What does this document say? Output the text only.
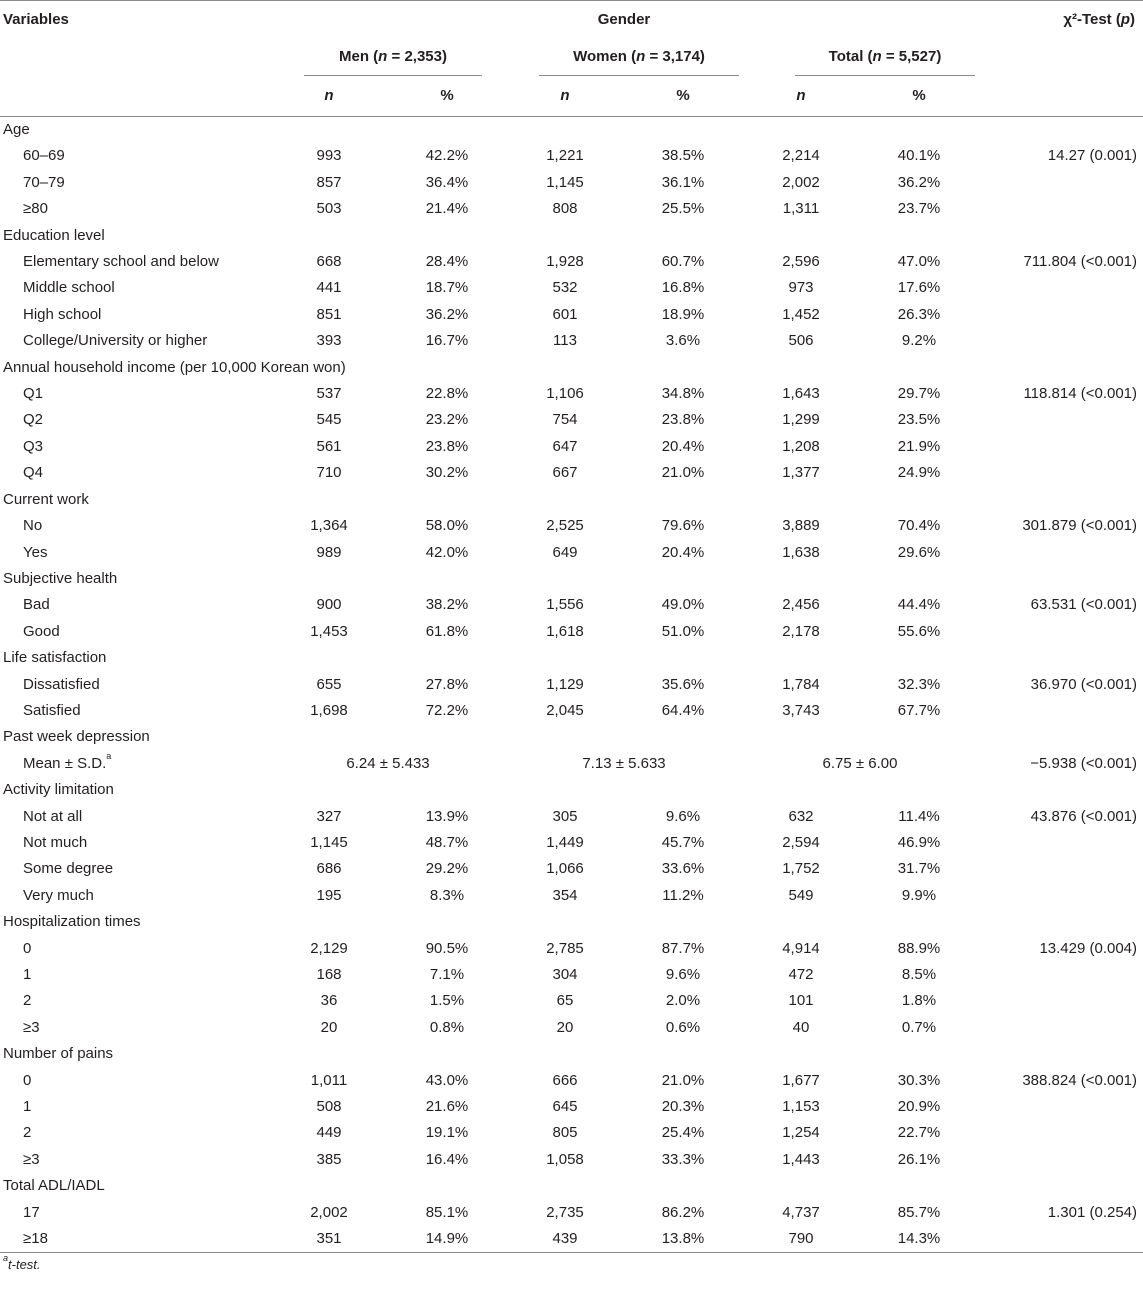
Variables	Gender						χ²-Test (p)

	Men (n = 2,353)		Women (n = 3,174)		Total (n = 5,527)		

	n	%	n	%	n	%	
Age							
60–69	993	42.2%	1,221	38.5%	2,214	40.1%	14.27 (0.001)
70–79	857	36.4%	1,145	36.1%	2,002	36.2%	
≥80	503	21.4%	808	25.5%	1,311	23.7%	
Education level							
Elementary school and below	668	28.4%	1,928	60.7%	2,596	47.0%	711.804 (<0.001)
Middle school	441	18.7%	532	16.8%	973	17.6%	
High school	851	36.2%	601	18.9%	1,452	26.3%	
College/University or higher	393	16.7%	113	3.6%	506	9.2%	
Annual household income (per 10,000 Korean won)							
Q1	537	22.8%	1,106	34.8%	1,643	29.7%	118.814 (<0.001)
Q2	545	23.2%	754	23.8%	1,299	23.5%	
Q3	561	23.8%	647	20.4%	1,208	21.9%	
Q4	710	30.2%	667	21.0%	1,377	24.9%	
Current work							
No	1,364	58.0%	2,525	79.6%	3,889	70.4%	301.879 (<0.001)
Yes	989	42.0%	649	20.4%	1,638	29.6%	
Subjective health							
Bad	900	38.2%	1,556	49.0%	2,456	44.4%	63.531 (<0.001)
Good	1,453	61.8%	1,618	51.0%	2,178	55.6%	
Life satisfaction							
Dissatisfied	655	27.8%	1,129	35.6%	1,784	32.3%	36.970 (<0.001)
Satisfied	1,698	72.2%	2,045	64.4%	3,743	67.7%	
Past week depression							
Mean ± S.D.$^a$	6.24 ± 5.433		7.13 ± 5.633		6.75 ± 6.00		−5.938 (<0.001)
Activity limitation							
Not at all	327	13.9%	305	9.6%	632	11.4%	43.876 (<0.001)
Not much	1,145	48.7%	1,449	45.7%	2,594	46.9%	
Some degree	686	29.2%	1,066	33.6%	1,752	31.7%	
Very much	195	8.3%	354	11.2%	549	9.9%	
Hospitalization times							
0	2,129	90.5%	2,785	87.7%	4,914	88.9%	13.429 (0.004)
1	168	7.1%	304	9.6%	472	8.5%	
2	36	1.5%	65	2.0%	101	1.8%	
≥3	20	0.8%	20	0.6%	40	0.7%	
Number of pains							
0	1,011	43.0%	666	21.0%	1,677	30.3%	388.824 (<0.001)
1	508	21.6%	645	20.3%	1,153	20.9%	
2	449	19.1%	805	25.4%	1,254	22.7%	
≥3	385	16.4%	1,058	33.3%	1,443	26.1%	
Total ADL/IADL							
17	2,002	85.1%	2,735	86.2%	4,737	85.7%	1.301 (0.254)
≥18	351	14.9%	439	13.8%	790	14.3%	
$^a$t-test.
